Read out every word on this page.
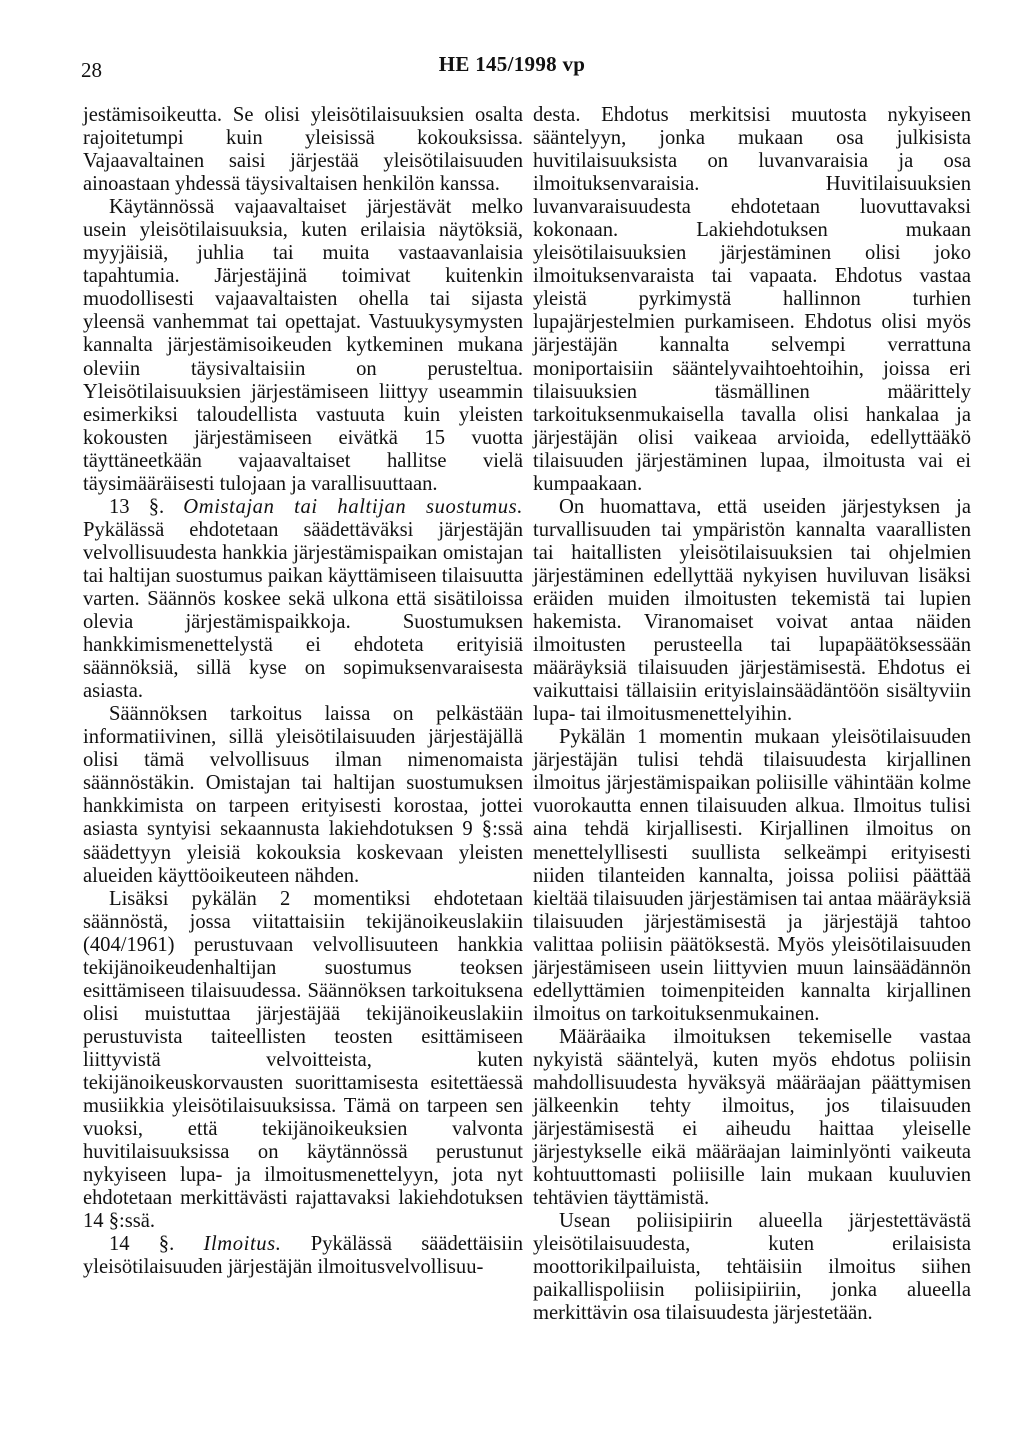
28	HE 145/1998 vp

jestämisoikeutta. Se olisi yleisötilaisuuksien osalta rajoitetumpi kuin yleisissä kokouksissa. Vajaavaltainen saisi järjestää yleisötilaisuuden ainoastaan yhdessä täysivaltaisen henkilön kanssa.

Käytännössä vajaavaltaiset järjestävät melko usein yleisötilaisuuksia, kuten erilaisia näytöksiä, myyjäisiä, juhlia tai muita vastaavanlaisia tapahtumia. Järjestäjinä toimivat kuitenkin muodollisesti vajaavaltaisten ohella tai sijasta yleensä vanhemmat tai opettajat. Vastuukysymysten kannalta järjestämisoikeuden kytkeminen mukana oleviin täysivaltaisiin on perusteltua. Yleisötilaisuuksien järjestämiseen liittyy useammin esimerkiksi taloudellista vastuuta kuin yleisten kokousten järjestämiseen eivätkä 15 vuotta täyttäneetkään vajaavaltaiset hallitse vielä täysimääräisesti tulojaan ja varallisuuttaan.

13 §. Omistajan tai haltijan suostumus. Pykälässä ehdotetaan säädettäväksi järjestäjän velvollisuudesta hankkia järjestämispaikan omistajan tai haltijan suostumus paikan käyttämiseen tilaisuutta varten. Säännös koskee sekä ulkona että sisätiloissa olevia järjestämispaikkoja. Suostumuksen hankkimismenettelystä ei ehdoteta erityisiä säännöksiä, sillä kyse on sopimuksenvaraisesta asiasta.

Säännöksen tarkoitus laissa on pelkästään informatiivinen, sillä yleisötilaisuuden järjestäjällä olisi tämä velvollisuus ilman nimenomaista säännöstäkin. Omistajan tai haltijan suostumuksen hankkimista on tarpeen erityisesti korostaa, jottei asiasta syntyisi sekaannusta lakiehdotuksen 9 §:ssä säädettyyn yleisiä kokouksia koskevaan yleisten alueiden käyttöoikeuteen nähden.

Lisäksi pykälän 2 momentiksi ehdotetaan säännöstä, jossa viitattaisiin tekijänoikeuslakiin (404/1961) perustuvaan velvollisuuteen hankkia tekijänoikeudenhaltijan suostumus teoksen esittämiseen tilaisuudessa. Säännöksen tarkoituksena olisi muistuttaa järjestäjää tekijänoikeuslakiin perustuvista taiteellisten teosten esittämiseen liittyvistä velvoitteista, kuten tekijänoikeuskorvausten suorittamisesta esitettäessä musiikkia yleisötilaisuuksissa. Tämä on tarpeen sen vuoksi, että tekijänoikeuksien valvonta huvitilaisuuksissa on käytännössä perustunut nykyiseen lupa- ja ilmoitusmenettelyyn, jota nyt ehdotetaan merkittävästi rajattavaksi lakiehdotuksen 14 §:ssä.

14 §. Ilmoitus. Pykälässä säädettäisiin yleisötilaisuuden järjestäjän ilmoitusvelvollisuu-

desta. Ehdotus merkitsisi muutosta nykyiseen sääntelyyn, jonka mukaan osa julkisista huvitilaisuuksista on luvanvaraisia ja osa ilmoituksenvaraisia. Huvitilaisuuksien luvanvaraisuudesta ehdotetaan luovuttavaksi kokonaan. Lakiehdotuksen mukaan yleisötilaisuuksien järjestäminen olisi joko ilmoituksenvaraista tai vapaata. Ehdotus vastaa yleistä pyrkimystä hallinnon turhien lupajärjestelmien purkamiseen. Ehdotus olisi myös järjestäjän kannalta selvempi verrattuna moniportaisiin sääntelyvaihtoehtoihin, joissa eri tilaisuuksien täsmällinen määrittely tarkoituksenmukaisella tavalla olisi hankalaa ja järjestäjän olisi vaikeaa arvioida, edellyttääkö tilaisuuden järjestäminen lupaa, ilmoitusta vai ei kumpaakaan.

On huomattava, että useiden järjestyksen ja turvallisuuden tai ympäristön kannalta vaarallisten tai haitallisten yleisötilaisuuksien tai ohjelmien järjestäminen edellyttää nykyisen huviluvan lisäksi eräiden muiden ilmoitusten tekemistä tai lupien hakemista. Viranomaiset voivat antaa näiden ilmoitusten perusteella tai lupapäätöksessään määräyksiä tilaisuuden järjestämisestä. Ehdotus ei vaikuttaisi tällaisiin erityislainsäädäntöön sisältyviin lupa- tai ilmoitusmenettelyihin.

Pykälän 1 momentin mukaan yleisötilaisuuden järjestäjän tulisi tehdä tilaisuudesta kirjallinen ilmoitus järjestämispaikan poliisille vähintään kolme vuorokautta ennen tilaisuuden alkua. Ilmoitus tulisi aina tehdä kirjallisesti. Kirjallinen ilmoitus on menettelyllisesti suullista selkeämpi erityisesti niiden tilanteiden kannalta, joissa poliisi päättää kieltää tilaisuuden järjestämisen tai antaa määräyksiä tilaisuuden järjestämisestä ja järjestäjä tahtoo valittaa poliisin päätöksestä. Myös yleisötilaisuuden järjestämiseen usein liittyvien muun lainsäädännön edellyttämien toimenpiteiden kannalta kirjallinen ilmoitus on tarkoituksenmukainen.

Määräaika ilmoituksen tekemiselle vastaa nykyistä sääntelyä, kuten myös ehdotus poliisin mahdollisuudesta hyväksyä määräajan päättymisen jälkeenkin tehty ilmoitus, jos tilaisuuden järjestämisestä ei aiheudu haittaa yleiselle järjestykselle eikä määräajan laiminlyönti vaikeuta kohtuuttomasti poliisille lain mukaan kuuluvien tehtävien täyttämistä.

Usean poliisipiirin alueella järjestettävästä yleisötilaisuudesta, kuten erilaisista moottorikilpailuista, tehtäisiin ilmoitus siihen paikallispoliisin poliisipiiriin, jonka alueella merkittävin osa tilaisuudesta järjestetään.
